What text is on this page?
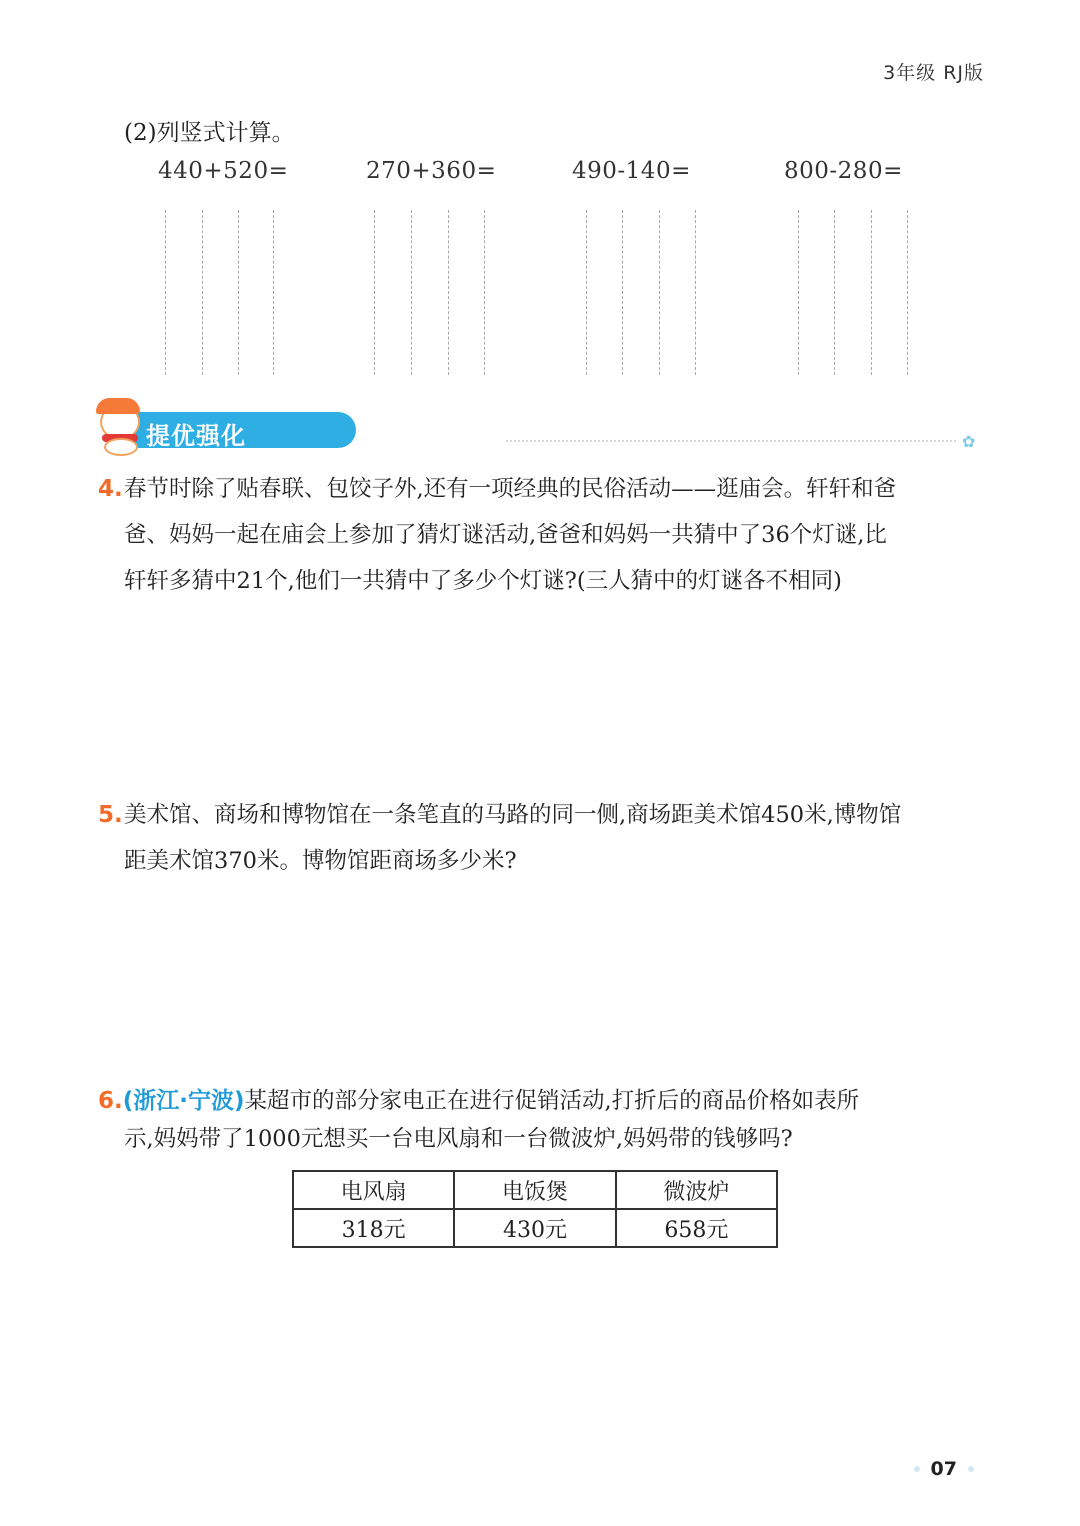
3年级 RJ版
(2)列竖式计算。
440+520=	270+360=	490-140=	800-280=
提优强化	✿
4. 春节时除了贴春联、包饺子外,还有一项经典的民俗活动——逛庙会。轩轩和爸
爸、妈妈一起在庙会上参加了猜灯谜活动,爸爸和妈妈一共猜中了36个灯谜,比
轩轩多猜中21个,他们一共猜中了多少个灯谜?(三人猜中的灯谜各不相同)
5. 美术馆、商场和博物馆在一条笔直的马路的同一侧,商场距美术馆450米,博物馆
距美术馆370米。博物馆距商场多少米?
6.(浙江·宁波)某超市的部分家电正在进行促销活动,打折后的商品价格如表所
示,妈妈带了1000元想买一台电风扇和一台微波炉,妈妈带的钱够吗?
电风扇	电饭煲	微波炉
318元	430元	658元
07
